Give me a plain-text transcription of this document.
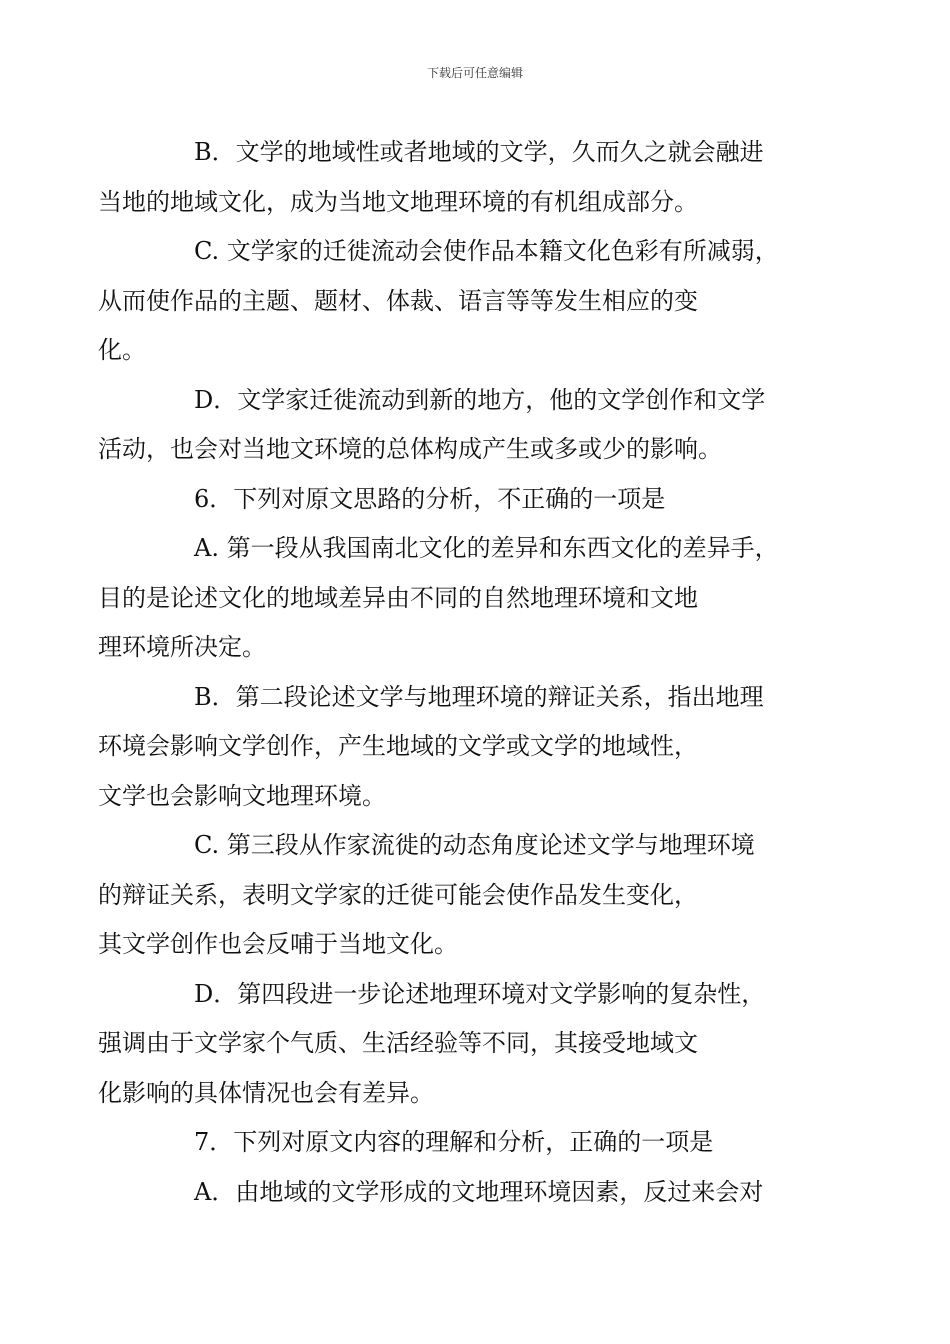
下载后可任意编辑

B．文学的地域性或者地域的文学，久而久之就会融进
当地的地域文化，成为当地文地理环境的有机组成部分。

C. 文学家的迁徙流动会使作品本籍文化色彩有所减弱，
从而使作品的主题、题材、体裁、语言等等发生相应的变
化。

D．文学家迁徙流动到新的地方，他的文学创作和文学
活动，也会对当地文环境的总体构成产生或多或少的影响。

6．下列对原文思路的分析，不正确的一项是

A. 第一段从我国南北文化的差异和东西文化的差异手，
目的是论述文化的地域差异由不同的自然地理环境和文地
理环境所决定。

B．第二段论述文学与地理环境的辩证关系，指出地理
环境会影响文学创作，产生地域的文学或文学的地域性，
文学也会影响文地理环境。

C. 第三段从作家流徙的动态角度论述文学与地理环境
的辩证关系，表明文学家的迁徙可能会使作品发生变化，
其文学创作也会反哺于当地文化。

D．第四段进一步论述地理环境对文学影响的复杂性，
强调由于文学家个气质、生活经验等不同，其接受地域文
化影响的具体情况也会有差异。

7．下列对原文内容的理解和分析，正确的一项是

A．由地域的文学形成的文地理环境因素，反过来会对
